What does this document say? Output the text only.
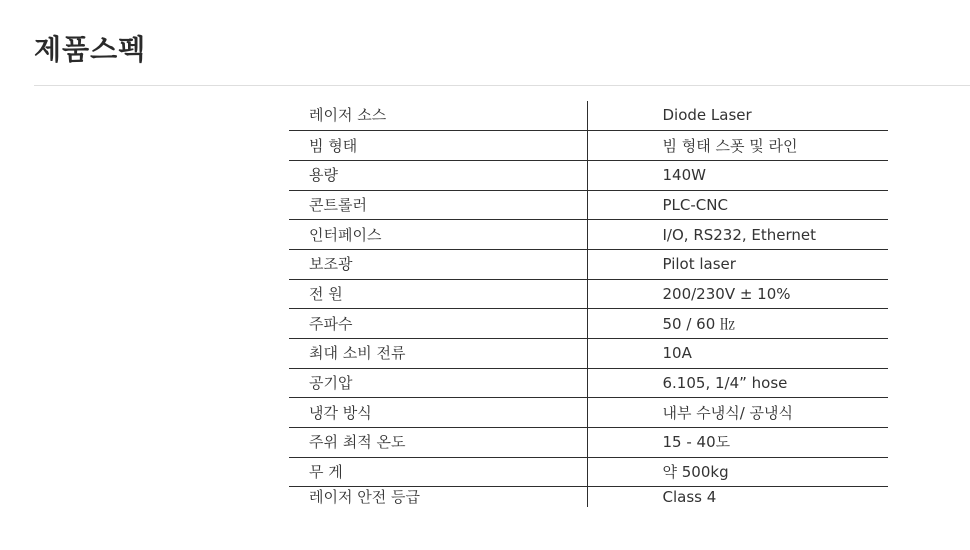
제품스펙
레이저 소스	Diode Laser
빔 형태	빔 형태 스폿 및 라인
용량	140W
콘트롤러	PLC-CNC
인터페이스	I/O, RS232, Ethernet
보조광	Pilot laser
전 원	200/230V ± 10%
주파수	50 / 60 ㎐
최대 소비 전류	10A
공기압	6.105, 1/4” hose
냉각 방식	내부 수냉식/ 공냉식
주위 최적 온도	15 - 40도
무 게	약 500kg
레이저 안전 등급	Class 4
